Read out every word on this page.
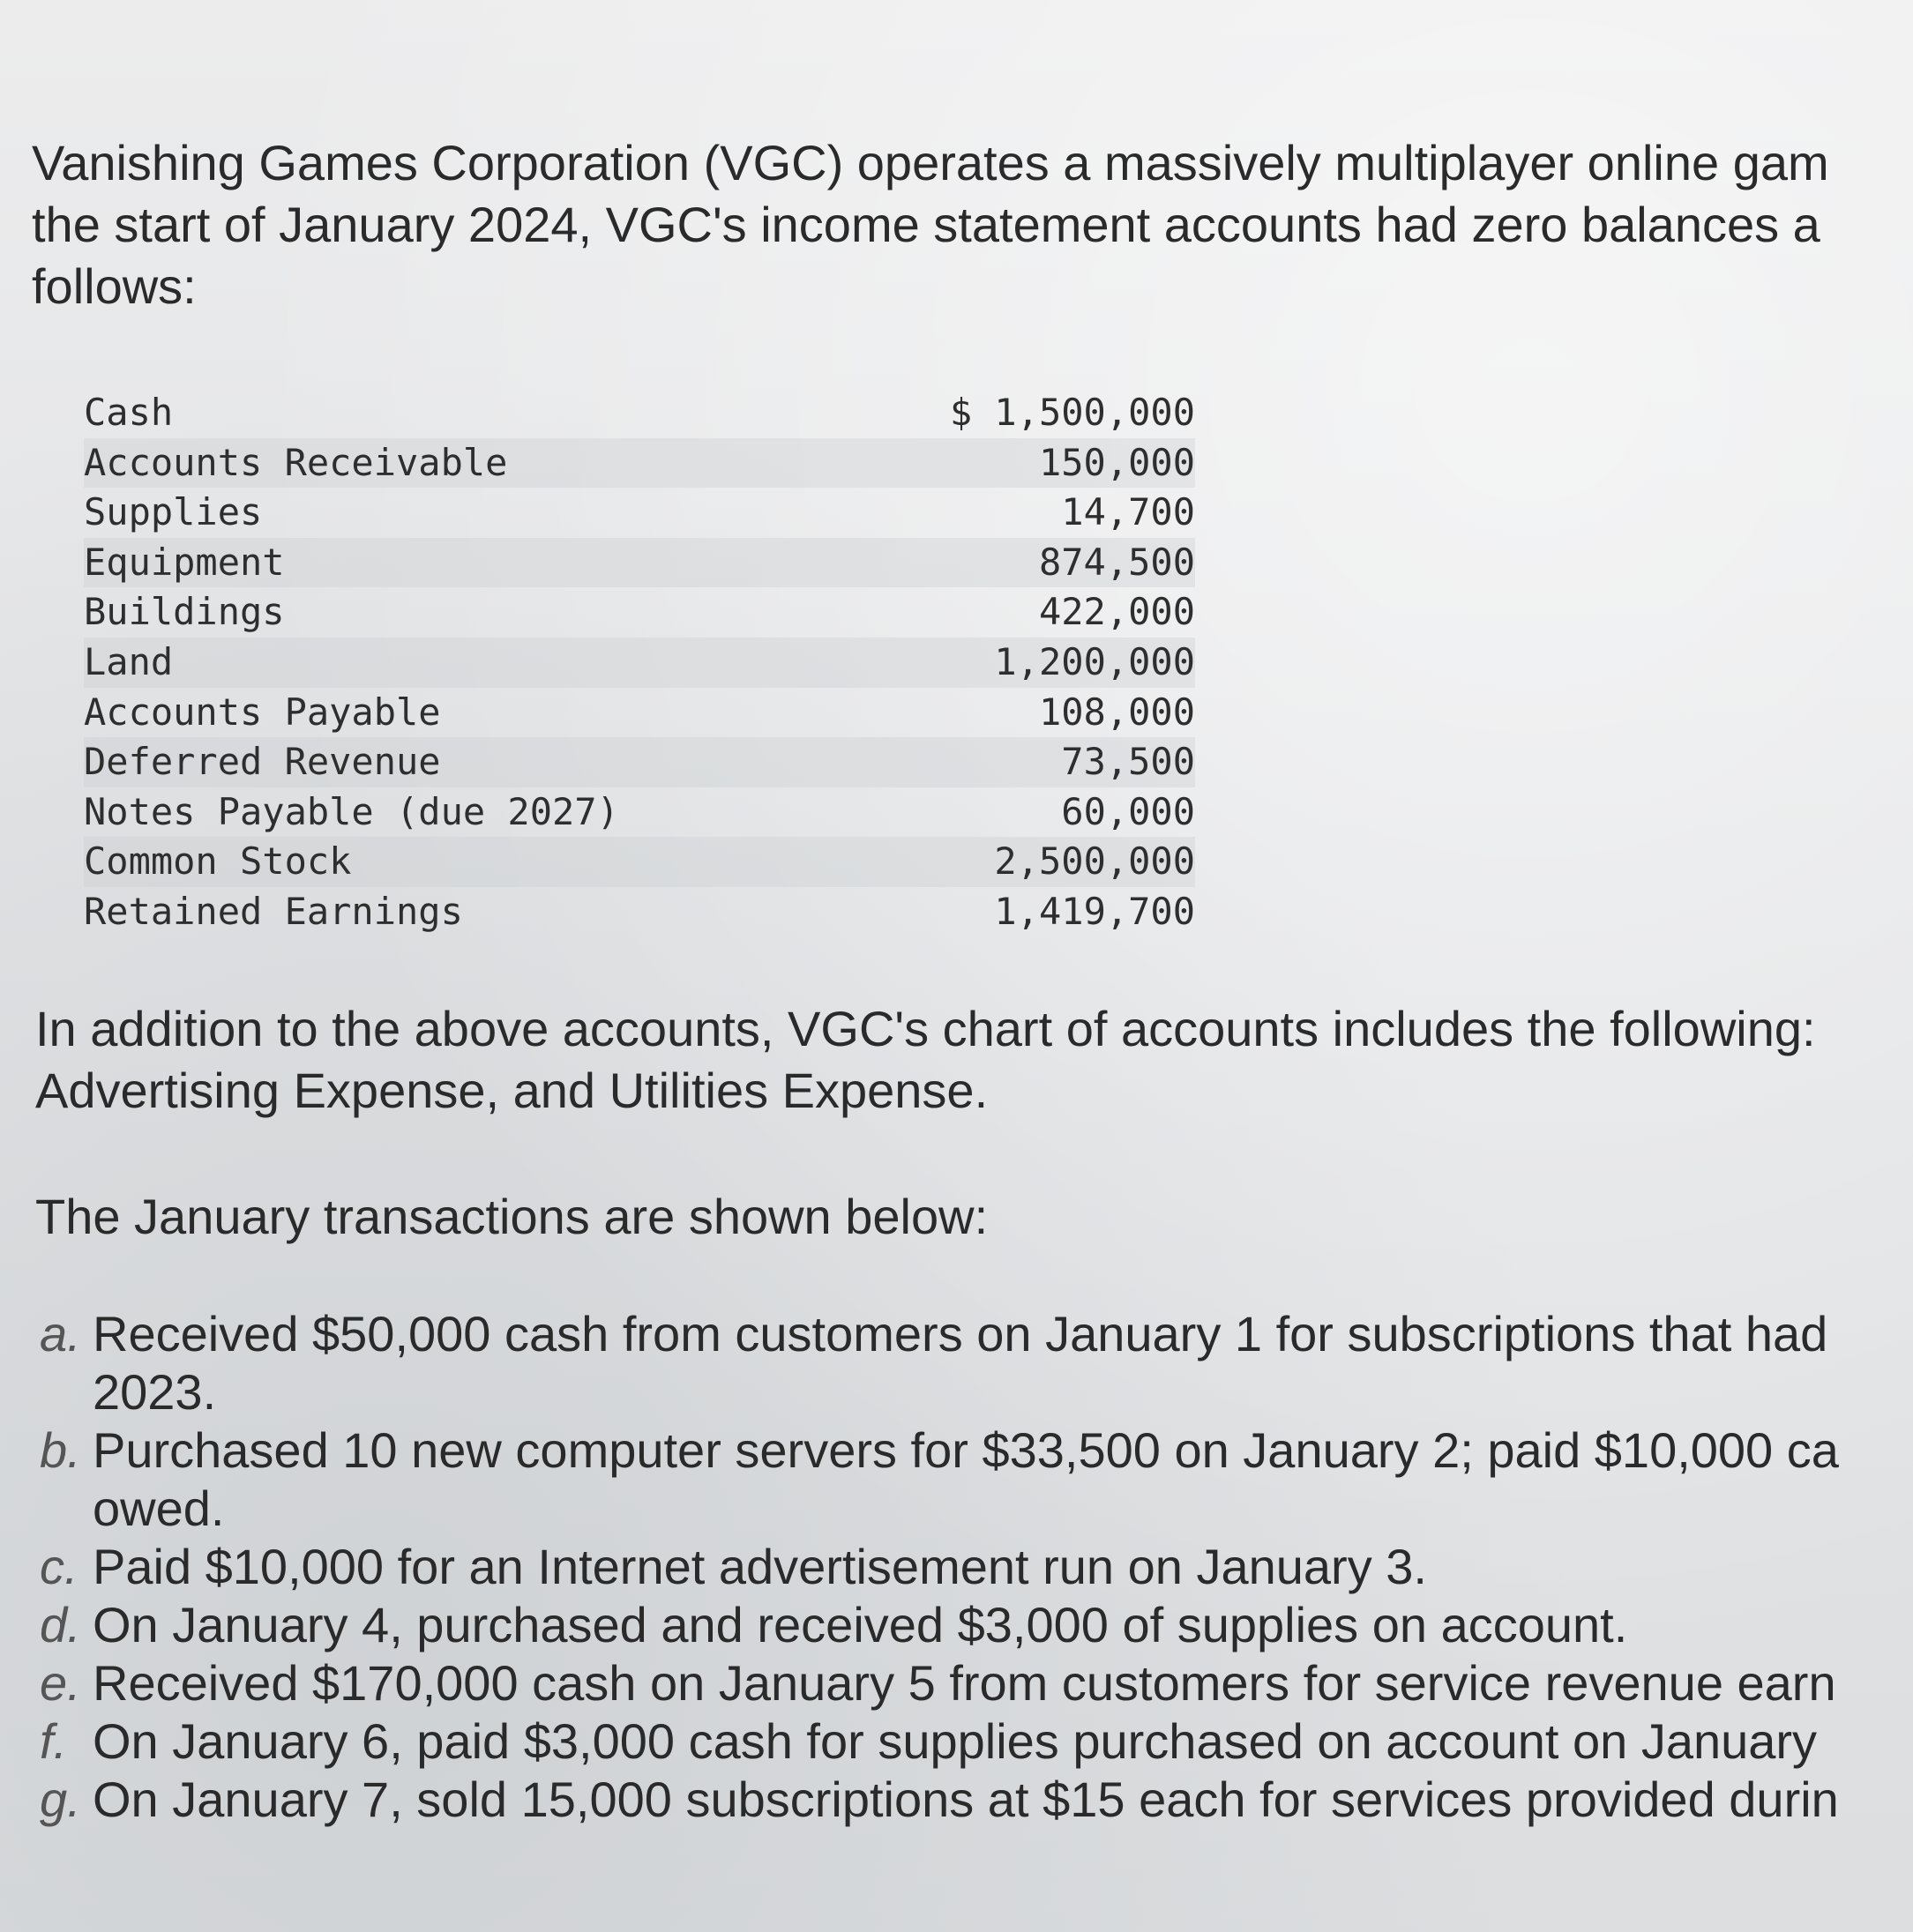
Vanishing Games Corporation (VGC) operates a massively multiplayer online gam
the start of January 2024, VGC's income statement accounts had zero balances a
follows:
Cash	$ 1,500,000
Accounts Receivable	150,000
Supplies	14,700
Equipment	874,500
Buildings	422,000
Land	1,200,000
Accounts Payable	108,000
Deferred Revenue	73,500
Notes Payable (due 2027)	60,000
Common Stock	2,500,000
Retained Earnings	1,419,700
In addition to the above accounts, VGC's chart of accounts includes the following:
Advertising Expense, and Utilities Expense.
The January transactions are shown below:
a. Received $50,000 cash from customers on January 1 for subscriptions that had
2023.
b. Purchased 10 new computer servers for $33,500 on January 2; paid $10,000 ca
owed.
c. Paid $10,000 for an Internet advertisement run on January 3.
d. On January 4, purchased and received $3,000 of supplies on account.
e. Received $170,000 cash on January 5 from customers for service revenue earn
f. On January 6, paid $3,000 cash for supplies purchased on account on January
g. On January 7, sold 15,000 subscriptions at $15 each for services provided durin
